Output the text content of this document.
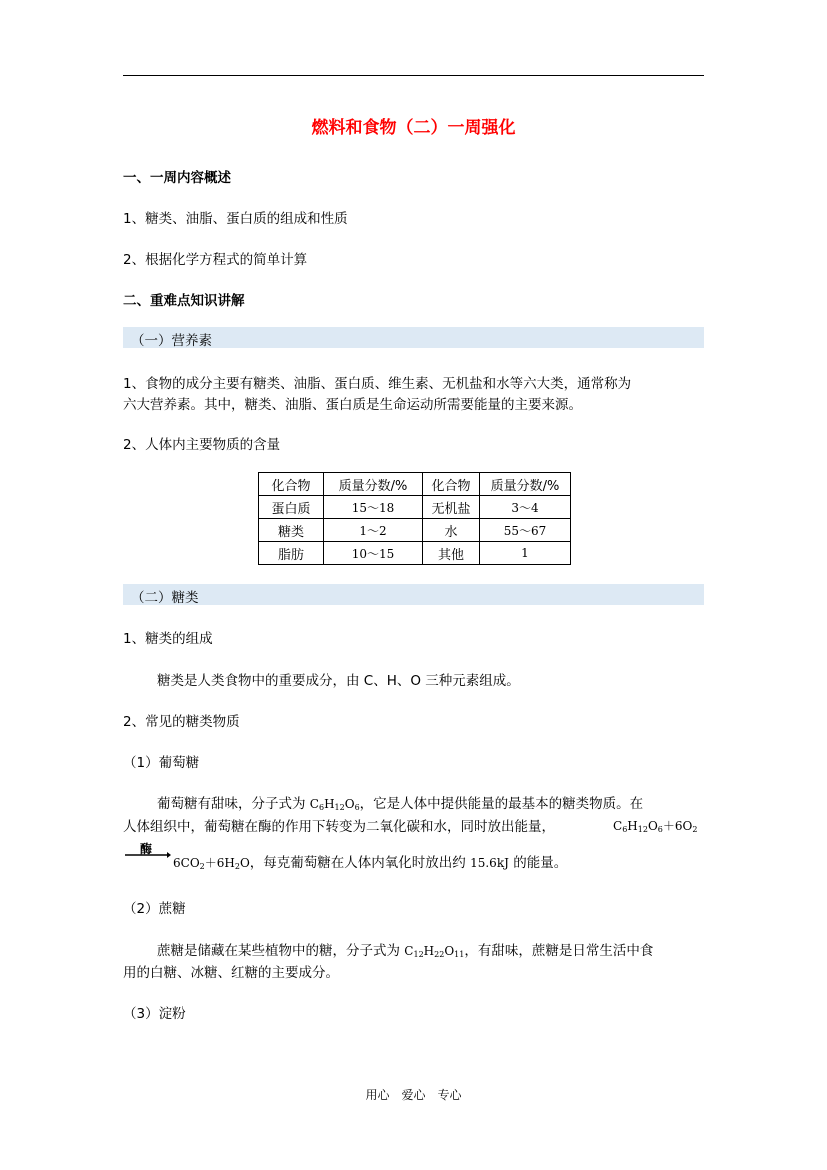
燃料和食物（二）一周强化
一、一周内容概述
1、糖类、油脂、蛋白质的组成和性质
2、根据化学方程式的简单计算
二、重难点知识讲解
（一）营养素
1、食物的成分主要有糖类、油脂、蛋白质、维生素、无机盐和水等六大类，通常称为
六大营养素。其中，糖类、油脂、蛋白质是生命运动所需要能量的主要来源。
2、人体内主要物质的含量
化合物	质量分数/%	化合物	质量分数/%
蛋白质	15～18	无机盐	3～4
糖类	1～2	水	55～67
脂肪	10～15	其他	1
（二）糖类
1、糖类的组成
糖类是人类食物中的重要成分，由 C、H、O 三种元素组成。
2、常见的糖类物质
（1）葡萄糖
葡萄糖有甜味，分子式为 $C_6H_{12}O_6$，它是人体中提供能量的最基本的糖类物质。在
人体组织中，葡萄糖在酶的作用下转变为二氧化碳和水，同时放出能量，	$C_6H_{12}O_6+6O_2$
酶
$6CO_2+6H_2O$，每克葡萄糖在人体内氧化时放出约 15.6kJ 的能量。
（2）蔗糖
蔗糖是储藏在某些植物中的糖，分子式为 $C_{12}H_{22}O_{11}$，有甜味，蔗糖是日常生活中食
用的白糖、冰糖、红糖的主要成分。
（3）淀粉
用心　爱心　专心
